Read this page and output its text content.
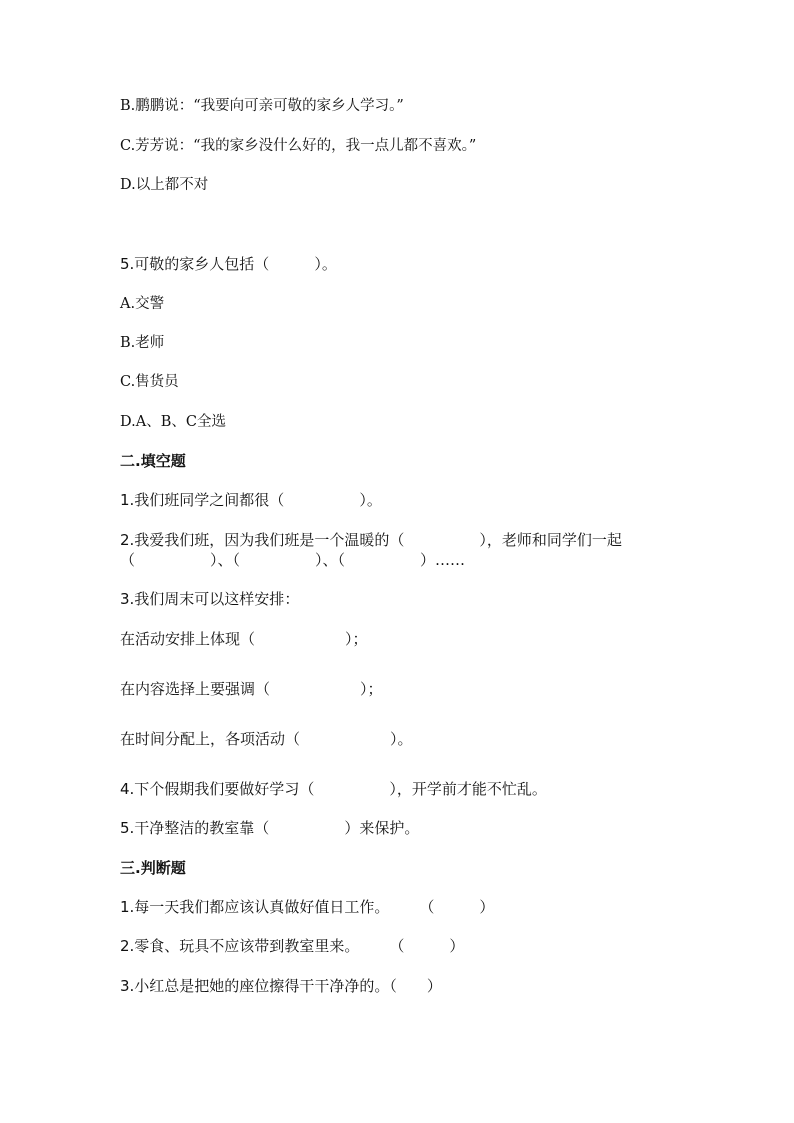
B.鹏鹏说：“我要向可亲可敬的家乡人学习。”
C.芳芳说：“我的家乡没什么好的，我一点儿都不喜欢。”
D.以上都不对
5.可敬的家乡人包括（　　　）。
A.交警
B.老师
C.售货员
D.A、B、C全选
二.填空题
1.我们班同学之间都很（　　　　　）。
2.我爱我们班，因为我们班是一个温暖的（　　　　　），老师和同学们一起
（　　　　　）、（　　　　　）、（　　　　　）……
3.我们周末可以这样安排：
在活动安排上体现（　　　　　　）；
在内容选择上要强调（　　　　　　）；
在时间分配上，各项活动（　　　　　　）。
4.下个假期我们要做好学习（　　　　　），开学前才能不忙乱。
5.干净整洁的教室靠（　　　　　）来保护。
三.判断题
1.每一天我们都应该认真做好值日工作。　　　（　　　）
2.零食、玩具不应该带到教室里来。　　　（　　　）
3.小红总是把她的座位擦得干干净净的。（　　）
